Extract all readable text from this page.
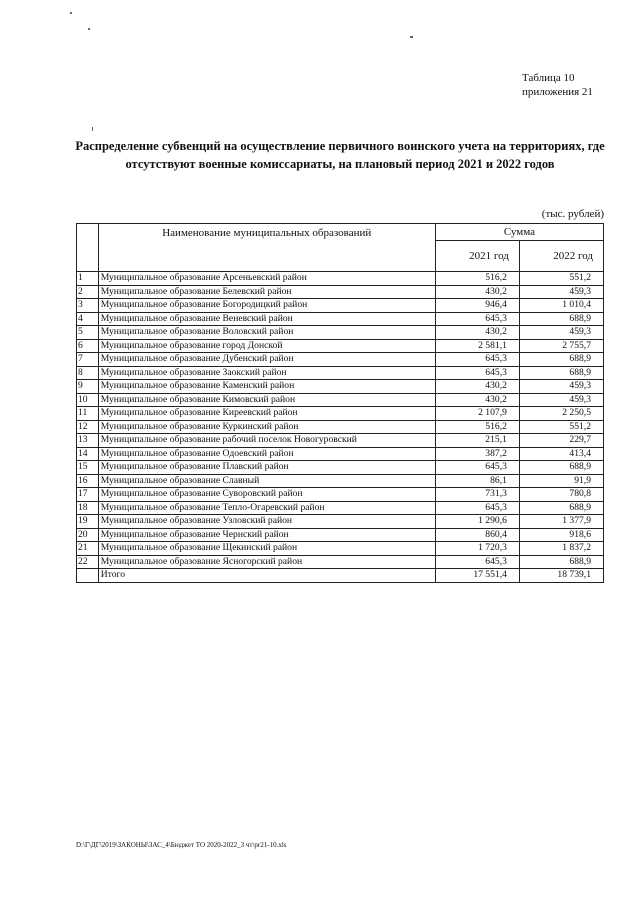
Таблица 10
приложения 21
Распределение субвенций на осуществление первичного воинского учета на территориях, где отсутствуют военные комиссариаты, на плановый период 2021 и 2022 годов
(тыс. рублей)
	Наименование муниципальных образований	Сумма	
		2021 год	2022 год
1	Муниципальное образование Арсеньевский район	516,2	551,2
2	Муниципальное образование Белевский район	430,2	459,3
3	Муниципальное образование Богородицкий район	946,4	1 010,4
4	Муниципальное образование Веневский район	645,3	688,9
5	Муниципальное образование Воловский район	430,2	459,3
6	Муниципальное образование город Донской	2 581,1	2 755,7
7	Муниципальное образование Дубенский район	645,3	688,9
8	Муниципальное образование Заокский район	645,3	688,9
9	Муниципальное образование Каменский район	430,2	459,3
10	Муниципальное образование Кимовский район	430,2	459,3
11	Муниципальное образование Киреевский район	2 107,9	2 250,5
12	Муниципальное образование Куркинский район	516,2	551,2
13	Муниципальное образование рабочий поселок Новогуровский	215,1	229,7
14	Муниципальное образование Одоевский район	387,2	413,4
15	Муниципальное образование Плавский район	645,3	688,9
16	Муниципальное образование Славный	86,1	91,9
17	Муниципальное образование Суворовский район	731,3	780,8
18	Муниципальное образование Тепло-Огаревский район	645,3	688,9
19	Муниципальное образование Узловский район	1 290,6	1 377,9
20	Муниципальное образование Чернский район	860,4	918,6
21	Муниципальное образование Щекинский район	1 720,3	1 837,2
22	Муниципальное образование Ясногорский район	645,3	688,9
	Итого	17 551,4	18 739,1
D:\Г\ДГ\2019\ЗАКОНЫ\ЗАС_4\Бюджет ТО 2020-2022_3 чт\pr21-10.xls
